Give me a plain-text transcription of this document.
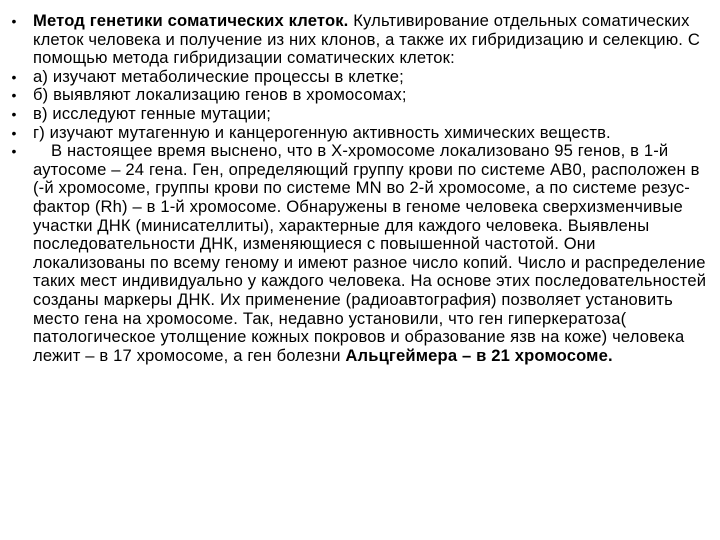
• Метод генетики соматических клеток. Культивирование отдельных соматических клеток человека и получение из них клонов, а также их гибридизацию и селекцию. С помощью метода гибридизации соматических клеток:
• а) изучают метаболические процессы в клетке;
• б) выявляют локализацию генов в хромосомах;
• в) исследуют генные мутации;
• г) изучают мутагенную и канцерогенную активность химических веществ.
• В настоящее время выснено, что в Х-хромосоме локализовано 95 генов, в 1-й аутосоме – 24 гена. Ген, определяющий группу крови по системе АВ0, расположен в (-й хромосоме, группы крови по системе MN во 2-й хромосоме, а по системе резус-фактор (Rh) – в 1-й хромосоме. Обнаружены в геноме человека сверхизменчивые участки ДНК (минисателлиты), характерные для каждого человека. Выявлены последовательности ДНК, изменяющиеся с повышенной частотой. Они локализованы по всему геному и имеют разное число копий. Число и распределение таких мест индивидуально у каждого человека. На основе этих последовательностей созданы маркеры ДНК. Их применение (радиоавтография) позволяет установить место гена на хромосоме. Так, недавно установили, что ген гиперкератоза( патологическое утолщение кожных покровов и образование язв на коже) человека лежит – в 17 хромосоме, а ген болезни Альцгеймера – в 21 хромосоме.
